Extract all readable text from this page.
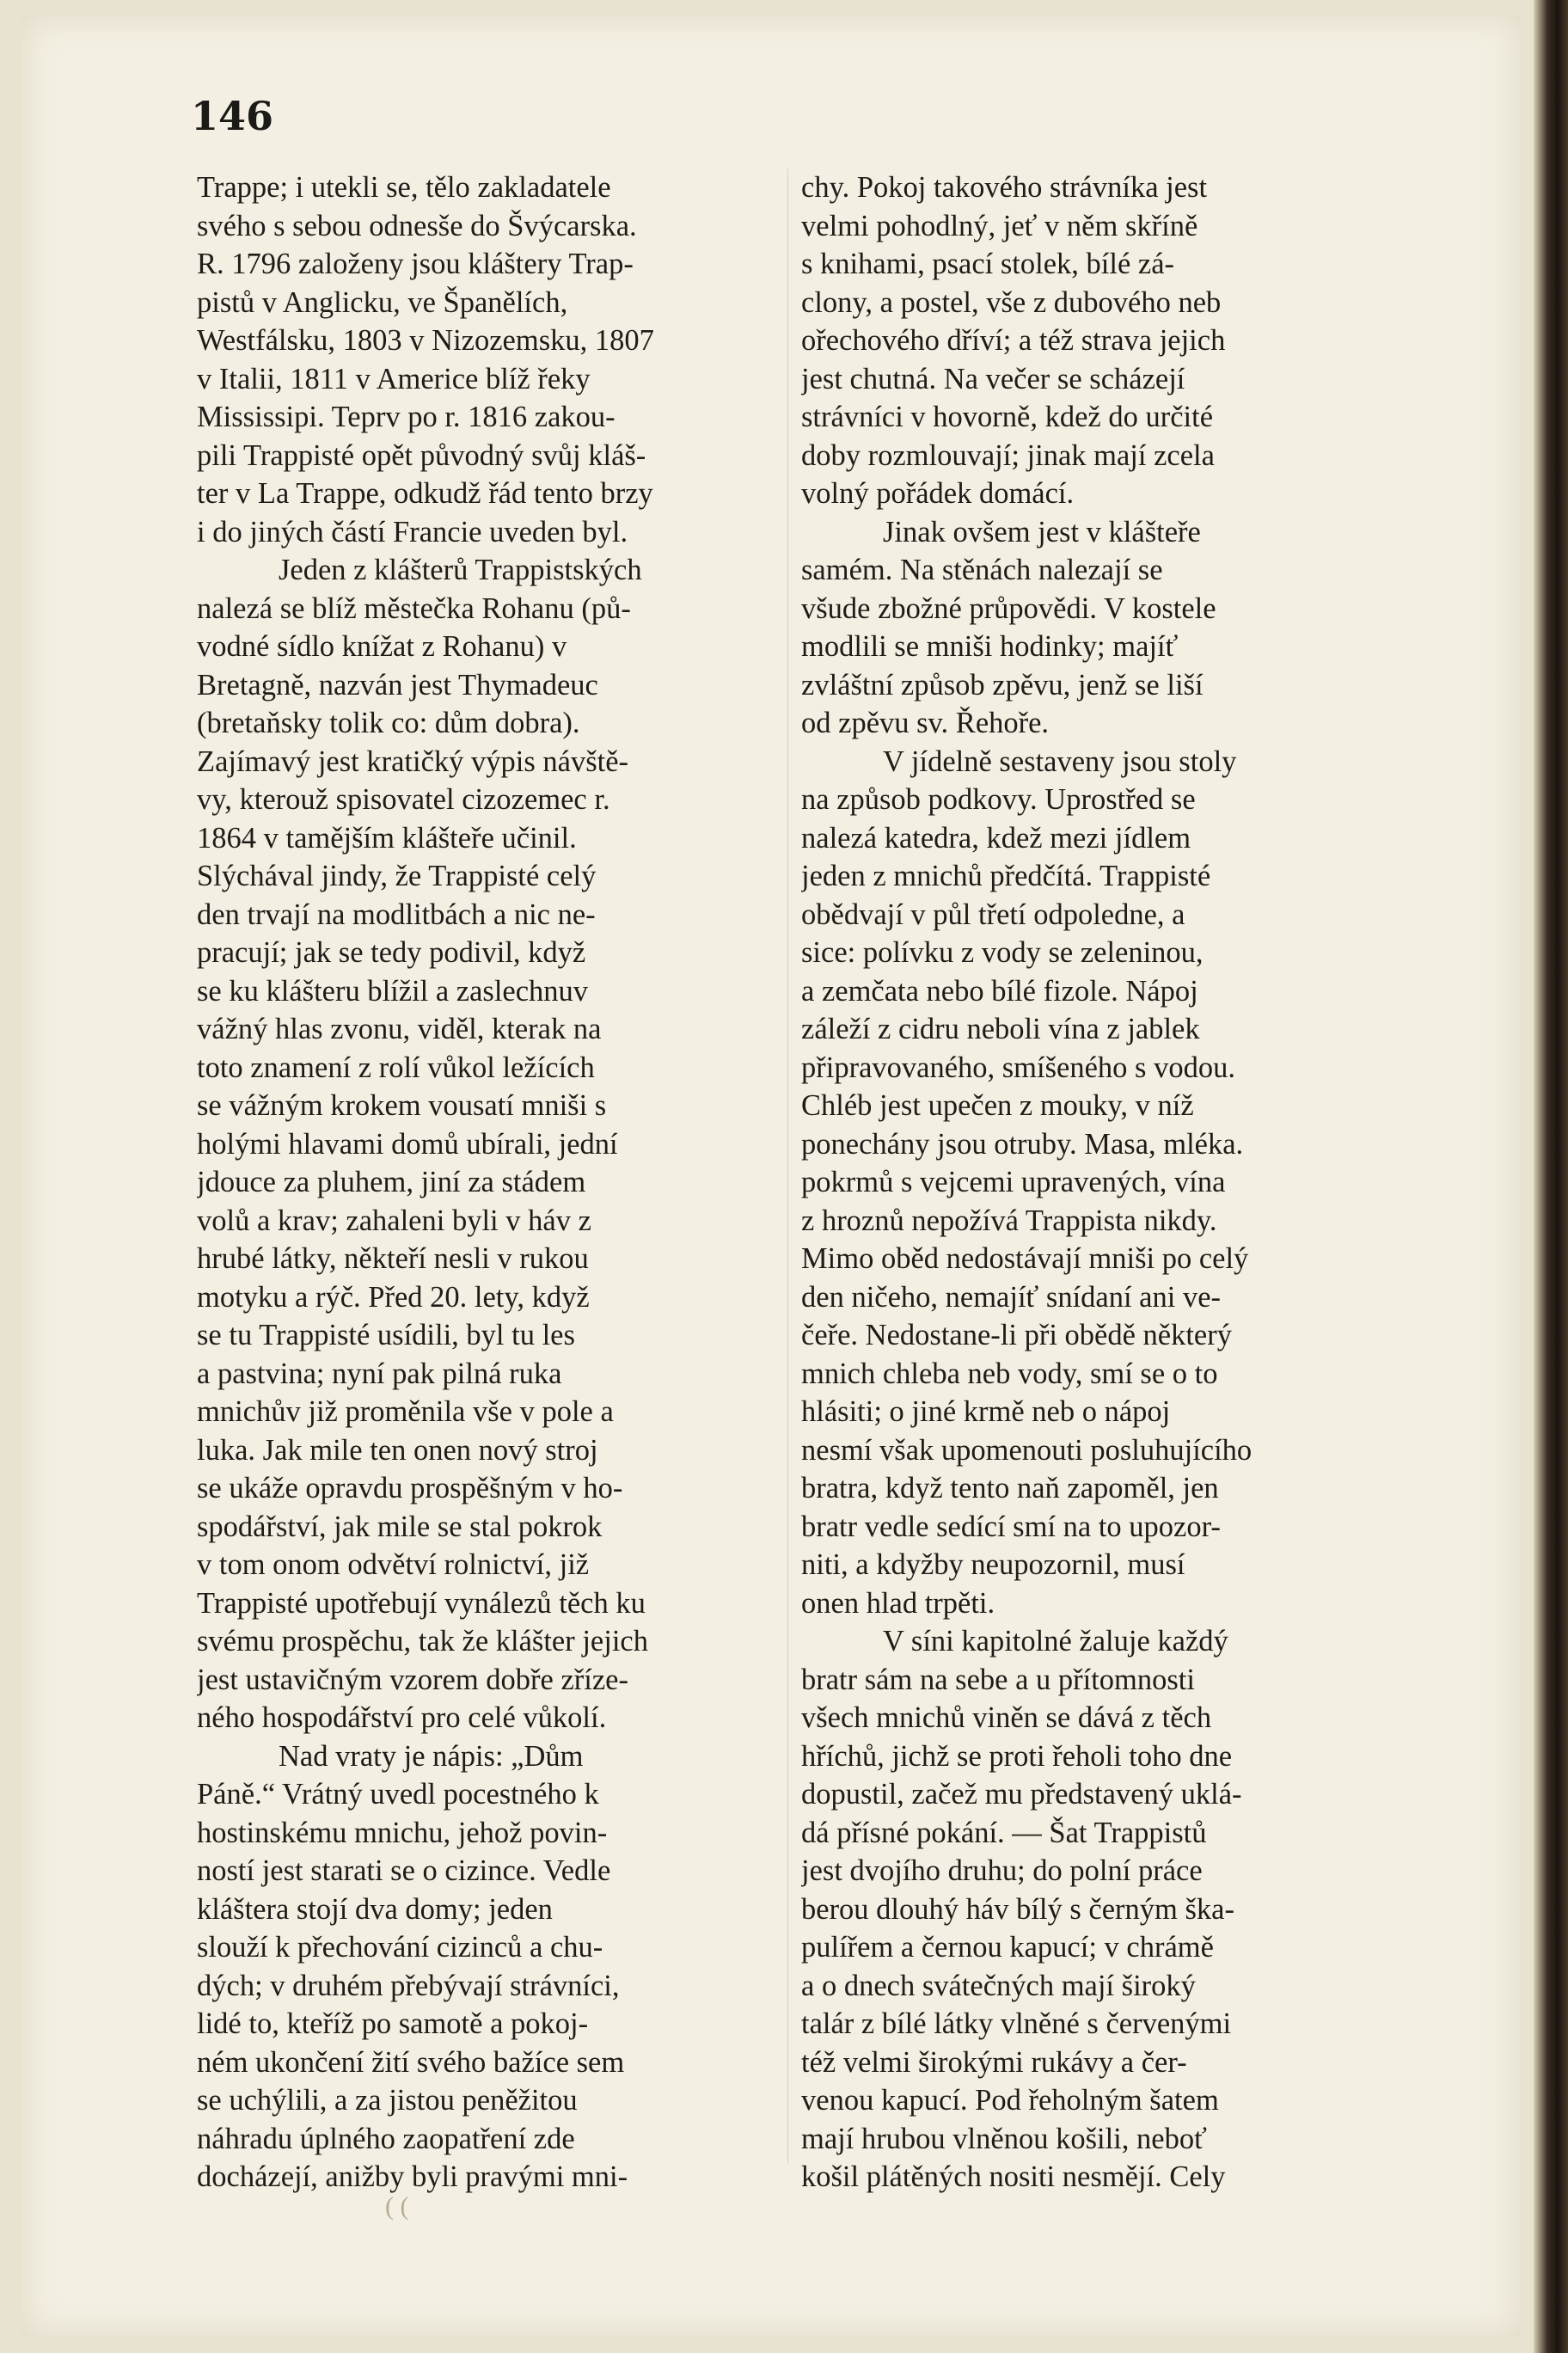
146
Trappe; i utekli se, tělo zakladatele
svého s sebou odnesše do Švýcarska.
R. 1796 založeny jsou kláštery Trap-
pistů v Anglicku, ve Španělích,
Westfálsku, 1803 v Nizozemsku, 1807
v Italii, 1811 v Americe blíž řeky
Mississipi. Teprv po r. 1816 zakou-
pili Trappisté opět původný svůj kláš-
ter v La Trappe, odkudž řád tento brzy
i do jiných částí Francie uveden byl.
Jeden z klášterů Trappistských
nalezá se blíž městečka Rohanu (pů-
vodné sídlo knížat z Rohanu) v
Bretagně, nazván jest Thymadeuc
(bretaňsky tolik co: dům dobra).
Zajímavý jest kratičký výpis návště-
vy, kterouž spisovatel cizozemec r.
1864 v tamějším klášteře učinil.
Slýchával jindy, že Trappisté celý
den trvají na modlitbách a nic ne-
pracují; jak se tedy podivil, když
se ku klášteru blížil a zaslechnuv
vážný hlas zvonu, viděl, kterak na
toto znamení z rolí vůkol ležících
se vážným krokem vousatí mniši s
holými hlavami domů ubírali, jední
jdouce za pluhem, jiní za stádem
volů a krav; zahaleni byli v háv z
hrubé látky, někteří nesli v rukou
motyku a rýč. Před 20. lety, když
se tu Trappisté usídili, byl tu les
a pastvina; nyní pak pilná ruka
mnichův již proměnila vše v pole a
luka. Jak mile ten onen nový stroj
se ukáže opravdu prospěšným v ho-
spodářství, jak mile se stal pokrok
v tom onom odvětví rolnictví, již
Trappisté upotřebují vynálezů těch ku
svému prospěchu, tak že klášter jejich
jest ustavičným vzorem dobře zříze-
ného hospodářství pro celé vůkolí.
Nad vraty je nápis: „Dům
Páně.“ Vrátný uvedl pocestného k
hostinskému mnichu, jehož povin-
ností jest starati se o cizince. Vedle
kláštera stojí dva domy; jeden
slouží k přechování cizinců a chu-
dých; v druhém přebývají strávníci,
lidé to, kteříž po samotě a pokoj-
ném ukončení žití svého bažíce sem
se uchýlili, a za jistou peněžitou
náhradu úplného zaopatření zde
docházejí, anižby byli pravými mni-
chy. Pokoj takového strávníka jest
velmi pohodlný, jeť v něm skříně
s knihami, psací stolek, bílé zá-
clony, a postel, vše z dubového neb
ořechového dříví; a též strava jejich
jest chutná. Na večer se scházejí
strávníci v hovorně, kdež do určité
doby rozmlouvají; jinak mají zcela
volný pořádek domácí.
Jinak ovšem jest v klášteře
samém. Na stěnách nalezají se
všude zbožné průpovědi. V kostele
modlili se mniši hodinky; majíť
zvláštní způsob zpěvu, jenž se liší
od zpěvu sv. Řehoře.
V jídelně sestaveny jsou stoly
na způsob podkovy. Uprostřed se
nalezá katedra, kdež mezi jídlem
jeden z mnichů předčítá. Trappisté
obědvají v půl třetí odpoledne, a
sice: polívku z vody se zeleninou,
a zemčata nebo bílé fizole. Nápoj
záleží z cidru neboli vína z jablek
připravovaného, smíšeného s vodou.
Chléb jest upečen z mouky, v níž
ponechány jsou otruby. Masa, mléka.
pokrmů s vejcemi upravených, vína
z hroznů nepožívá Trappista nikdy.
Mimo oběd nedostávají mniši po celý
den ničeho, nemajíť snídaní ani ve-
čeře. Nedostane-li při obědě některý
mnich chleba neb vody, smí se o to
hlásiti; o jiné krmě neb o nápoj
nesmí však upomenouti posluhujícího
bratra, když tento naň zapoměl, jen
bratr vedle sedící smí na to upozor-
niti, a kdyžby neupozornil, musí
onen hlad trpěti.
V síni kapitolné žaluje každý
bratr sám na sebe a u přítomnosti
všech mnichů viněn se dává z těch
hříchů, jichž se proti řeholi toho dne
dopustil, začež mu představený uklá-
dá přísné pokání. — Šat Trappistů
jest dvojího druhu; do polní práce
berou dlouhý háv bílý s černým ška-
pulířem a černou kapucí; v chrámě
a o dnech svátečných mají široký
talár z bílé látky vlněné s červenými
též velmi širokými rukávy a čer-
venou kapucí. Pod řeholným šatem
mají hrubou vlněnou košili, neboť
košil plátěných nositi nesmějí. Cely
( (
